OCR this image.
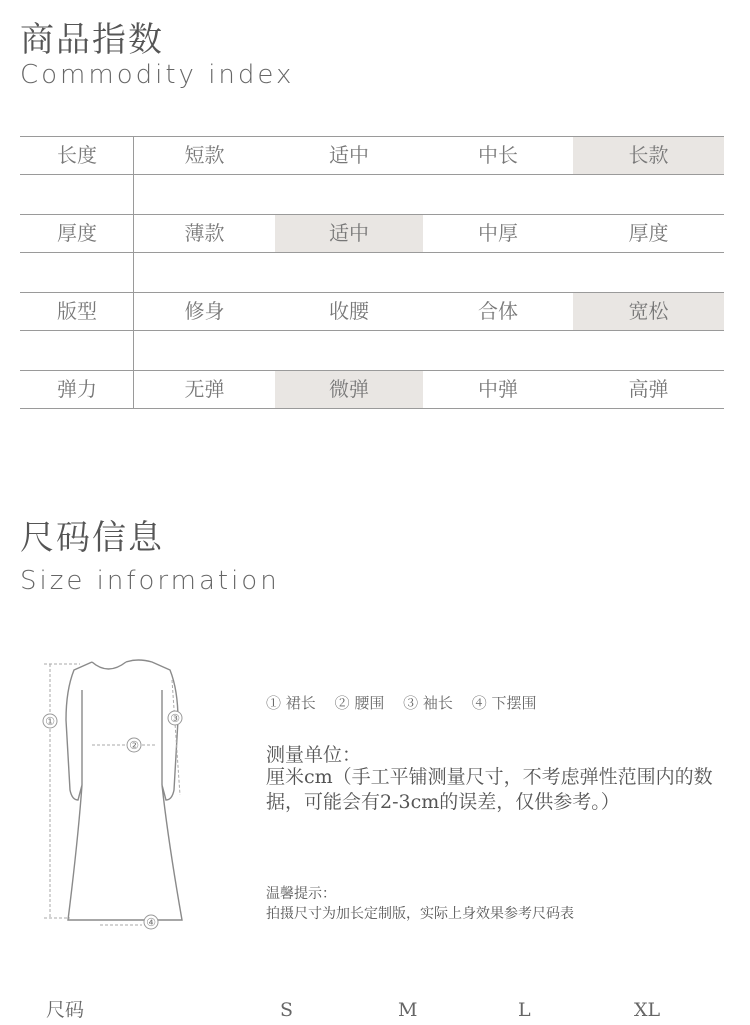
商品指数
Commodity index
长度	短款	适中	中长	长款
厚度	薄款	适中	中厚	厚度
版型	修身	收腰	合体	宽松
弹力	无弹	微弹	中弹	高弹
尺码信息
Size information
①
②
③
④
① 裙长 ② 腰围 ③ 袖长 ④ 下摆围
测量单位：
厘米cm（手工平铺测量尺寸，不考虑弹性范围内的数据，可能会有2-3cm的误差，仅供参考。）
温馨提示：
拍摄尺寸为加长定制版，实际上身效果参考尺码表
尺码	S	M	L	XL
